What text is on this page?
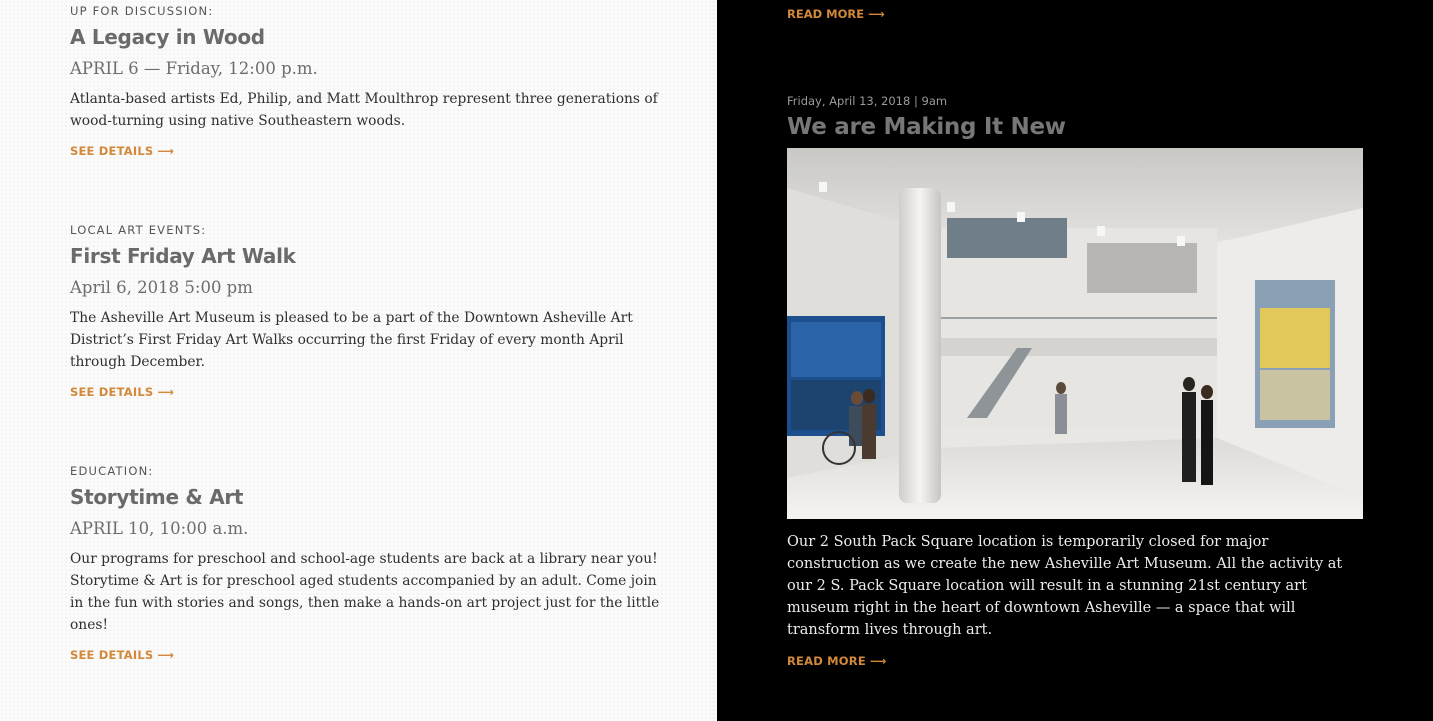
UP FOR DISCUSSION:

A Legacy in Wood

APRIL 6 — Friday, 12:00 p.m.

Atlanta-based artists Ed, Philip, and Matt Moulthrop represent three generations of wood-turning using native Southeastern woods.

SEE DETAILS ⟶

LOCAL ART EVENTS:

First Friday Art Walk

April 6, 2018 5:00 pm

The Asheville Art Museum is pleased to be a part of the Downtown Asheville Art District’s First Friday Art Walks occurring the first Friday of every month April through December.

SEE DETAILS ⟶

EDUCATION:

Storytime & Art

APRIL 10, 10:00 a.m.

Our programs for preschool and school-age students are back at a library near you! Storytime & Art is for preschool aged students accompanied by an adult. Come join in the fun with stories and songs, then make a hands-on art project just for the little ones!

SEE DETAILS ⟶
READ MORE ⟶

Friday, April 13, 2018 | 9am

We are Making It New

Our 2 South Pack Square location is temporarily closed for major construction as we create the new Asheville Art Museum. All the activity at our 2 S. Pack Square location will result in a stunning 21st century art museum right in the heart of downtown Asheville — a space that will transform lives through art.

READ MORE ⟶
